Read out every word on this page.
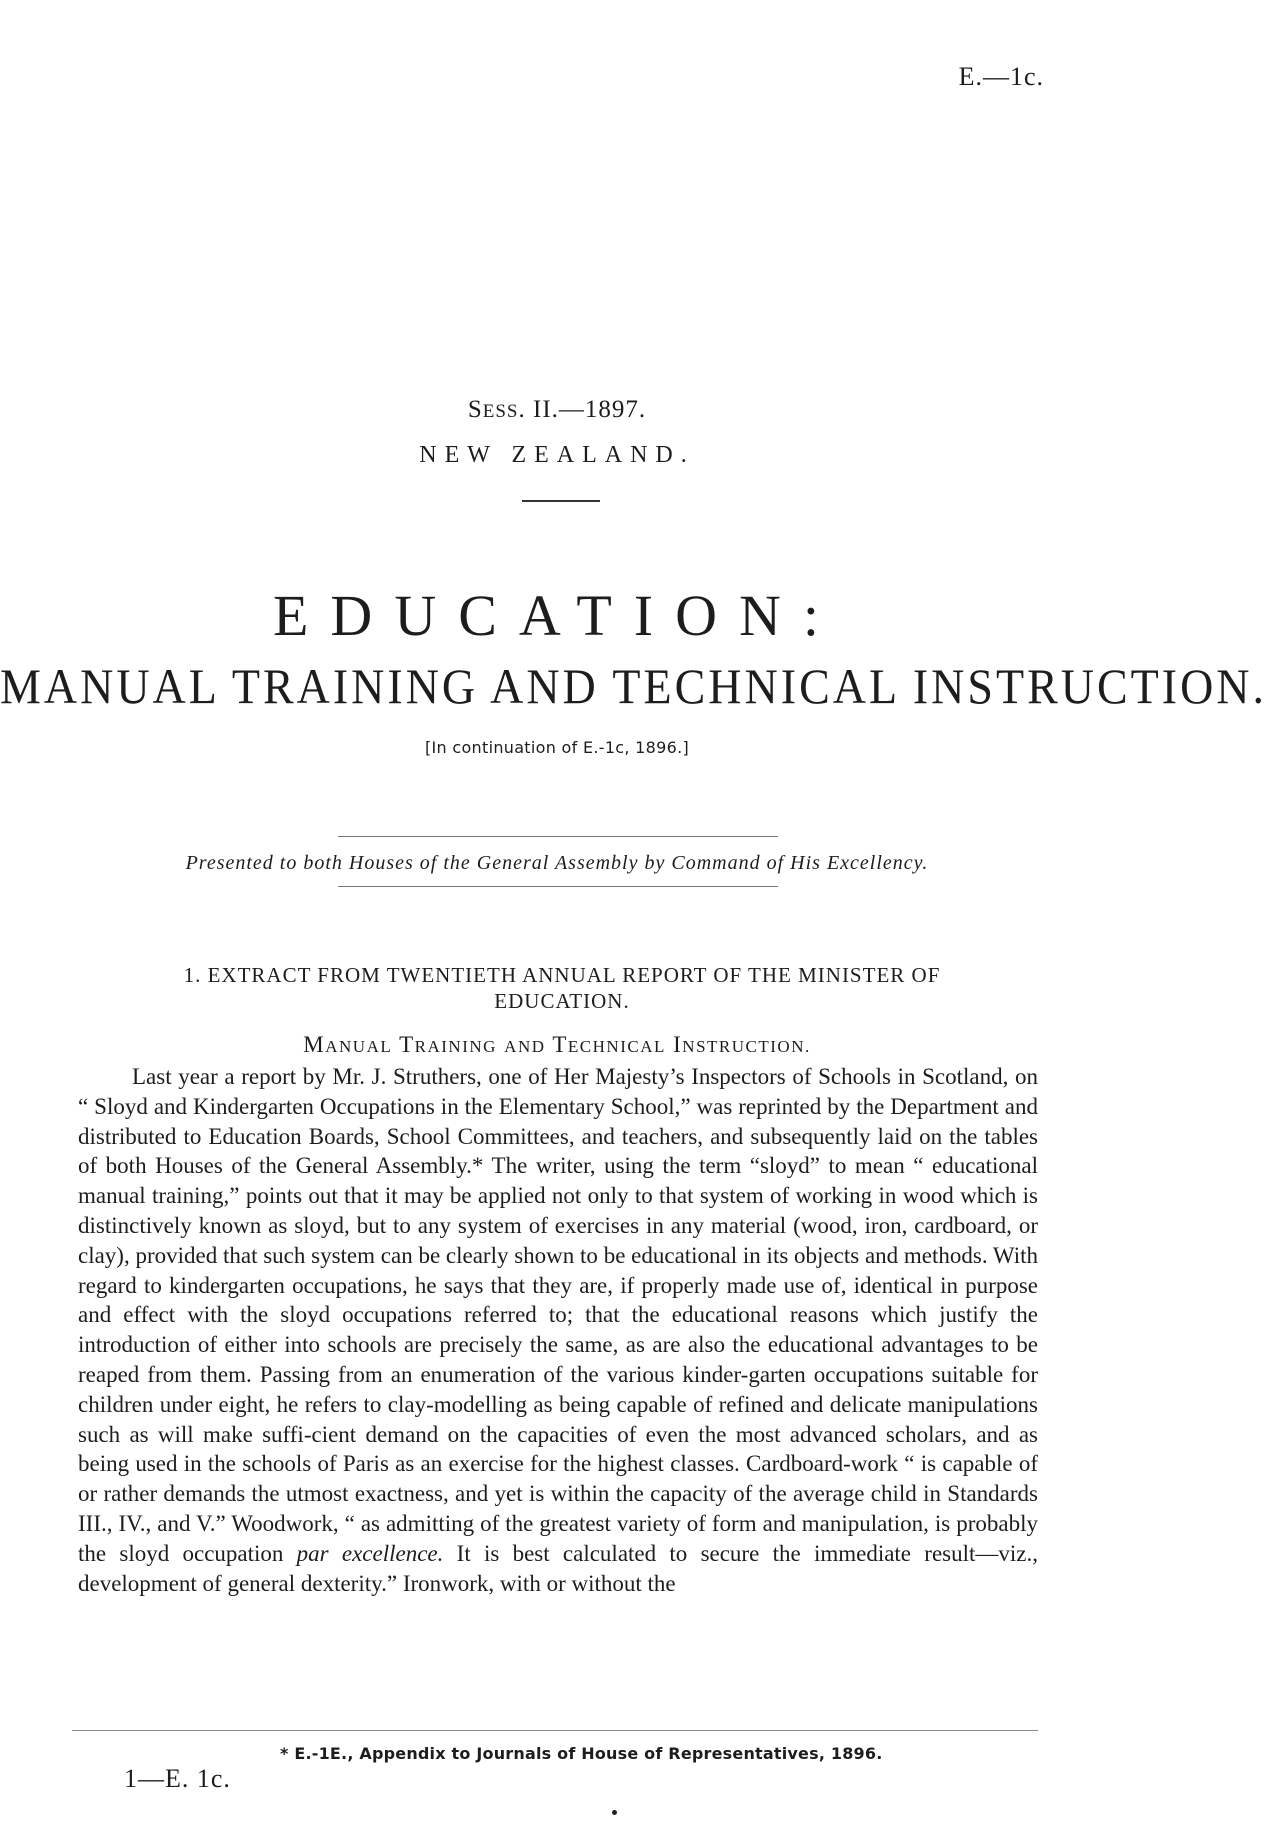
E.—1c.
SESS. II.—1897.
NEW ZEALAND.
EDUCATION:
MANUAL TRAINING AND TECHNICAL INSTRUCTION.
[In continuation of E.-1c, 1896.]
Presented to both Houses of the General Assembly by Command of His Excellency.
1. EXTRACT FROM TWENTIETH ANNUAL REPORT OF THE MINISTER OF EDUCATION.
MANUAL TRAINING AND TECHNICAL INSTRUCTION.

Last year a report by Mr. J. Struthers, one of Her Majesty’s Inspectors of Schools in Scotland, on “ Sloyd and Kindergarten Occupations in the Elementary School,” was reprinted by the Department and distributed to Education Boards, School Committees, and teachers, and subsequently laid on the tables of both Houses of the General Assembly.* The writer, using the term “sloyd” to mean “ educational manual training,” points out that it may be applied not only to that system of working in wood which is distinctively known as sloyd, but to any system of exercises in any material (wood, iron, cardboard, or clay), provided that such system can be clearly shown to be educational in its objects and methods. With regard to kindergarten occupations, he says that they are, if properly made use of, identical in purpose and effect with the sloyd occupations referred to; that the educational reasons which justify the introduction of either into schools are precisely the same, as are also the educational advantages to be reaped from them. Passing from an enumeration of the various kinder-garten occupations suitable for children under eight, he refers to clay-modelling as being capable of refined and delicate manipulations such as will make suffi-cient demand on the capacities of even the most advanced scholars, and as being used in the schools of Paris as an exercise for the highest classes. Cardboard-work “ is capable of or rather demands the utmost exactness, and yet is within the capacity of the average child in Standards III., IV., and V.” Woodwork, “ as admitting of the greatest variety of form and manipulation, is probably the sloyd occupation par excellence. It is best calculated to secure the immediate result—viz., development of general dexterity.” Ironwork, with or without the

* E.-1E., Appendix to Journals of House of Representatives, 1896.
1—E. 1c.
